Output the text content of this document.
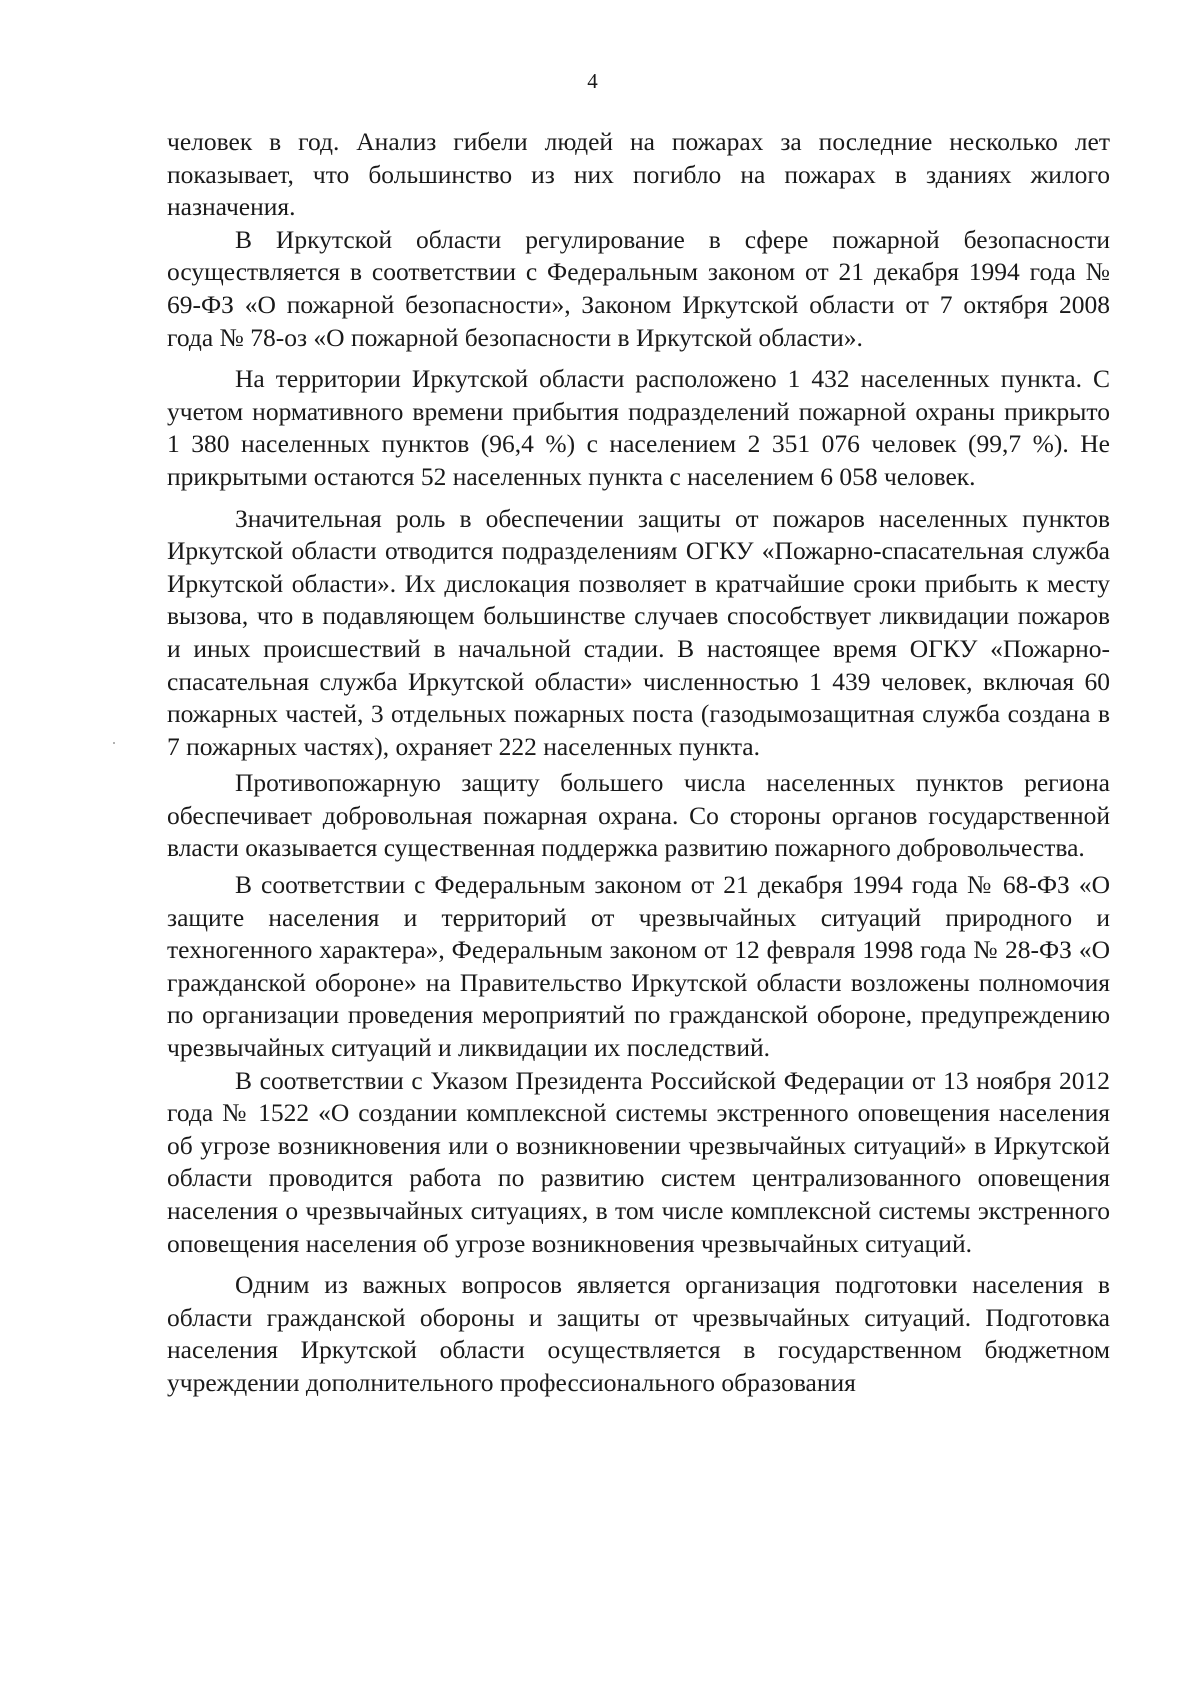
4

человек в год. Анализ гибели людей на пожарах за последние несколько лет показывает, что большинство из них погибло на пожарах в зданиях жилого назначения.

В Иркутской области регулирование в сфере пожарной безопасности осуществляется в соответствии с Федеральным законом от 21 декабря 1994 года № 69-ФЗ «О пожарной безопасности», Законом Иркутской области от 7 октября 2008 года № 78-оз «О пожарной безопасности в Иркутской области».

На территории Иркутской области расположено 1 432 населенных пункта. С учетом нормативного времени прибытия подразделений пожарной охраны прикрыто 1 380 населенных пунктов (96,4 %) с населением 2 351 076 человек (99,7 %). Не прикрытыми остаются 52 населенных пункта с населением 6 058 человек.

Значительная роль в обеспечении защиты от пожаров населенных пунктов Иркутской области отводится подразделениям ОГКУ «Пожарно-спасательная служба Иркутской области». Их дислокация позволяет в кратчайшие сроки прибыть к месту вызова, что в подавляющем большинстве случаев способствует ликвидации пожаров и иных происшествий в начальной стадии. В настоящее время ОГКУ «Пожарно-спасательная служба Иркутской области» численностью 1 439 человек, включая 60 пожарных частей, 3 отдельных пожарных поста (газодымозащитная служба создана в 7 пожарных частях), охраняет 222 населенных пункта.

Противопожарную защиту большего числа населенных пунктов региона обеспечивает добровольная пожарная охрана. Со стороны органов государственной власти оказывается существенная поддержка развитию пожарного добровольчества.

В соответствии с Федеральным законом от 21 декабря 1994 года № 68-ФЗ «О защите населения и территорий от чрезвычайных ситуаций природного и техногенного характера», Федеральным законом от 12 февраля 1998 года № 28-ФЗ «О гражданской обороне» на Правительство Иркутской области возложены полномочия по организации проведения мероприятий по гражданской обороне, предупреждению чрезвычайных ситуаций и ликвидации их последствий.

В соответствии с Указом Президента Российской Федерации от 13 ноября 2012 года № 1522 «О создании комплексной системы экстренного оповещения населения об угрозе возникновения или о возникновении чрезвычайных ситуаций» в Иркутской области проводится работа по развитию систем централизованного оповещения населения о чрезвычайных ситуациях, в том числе комплексной системы экстренного оповещения населения об угрозе возникновения чрезвычайных ситуаций.

Одним из важных вопросов является организация подготовки населения в области гражданской обороны и защиты от чрезвычайных ситуаций. Подготовка населения Иркутской области осуществляется в государственном бюджетном учреждении дополнительного профессионального образования
